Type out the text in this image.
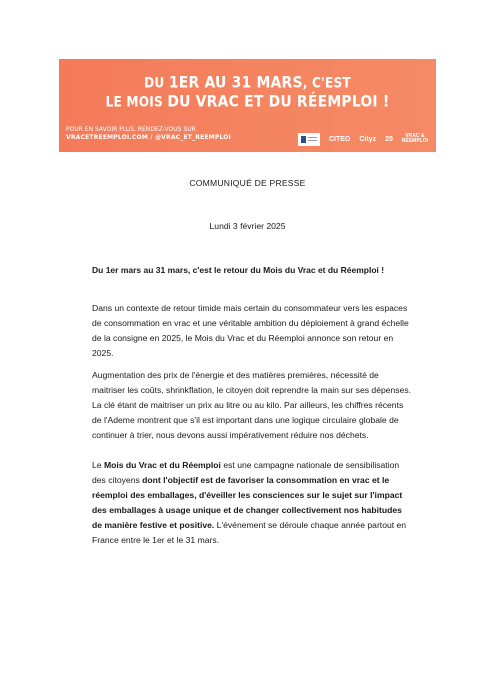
DU 1ER AU 31 MARS, C'EST
LE MOIS DU VRAC ET DU RÉEMPLOI !
POUR EN SAVOIR PLUS, RENDEZ-VOUS SUR
VRACETREEMPLOI.COM / @VRAC_ET_REEMPLOI	CITEO Cityz 20	VRAC &
RÉEMPLOI
COMMUNIQUÉ DE PRESSE
Lundi 3 février 2025
Du 1er mars au 31 mars, c'est le retour du Mois du Vrac et du Réemploi !
Dans un contexte de retour timide mais certain du consommateur vers les espaces de consommation en vrac et une véritable ambition du déploiement à grand échelle de la consigne en 2025, le Mois du Vrac et du Réemploi annonce son retour en 2025.
Augmentation des prix de l'énergie et des matières premières, nécessité de maitriser les coûts, shrinkflation, le citoyen doit reprendre la main sur ses dépenses. La clé étant de maitriser un prix au litre ou au kilo. Par ailleurs, les chiffres récents de l'Ademe montrent que s'il est important dans une logique circulaire globale de continuer à trier, nous devons aussi impérativement réduire nos déchets.
Le Mois du Vrac et du Réemploi est une campagne nationale de sensibilisation des citoyens dont l'objectif est de favoriser la consommation en vrac et le réemploi des emballages, d'éveiller les consciences sur le sujet sur l'impact des emballages à usage unique et de changer collectivement nos habitudes de manière festive et positive. L'événement se déroule chaque année partout en France entre le 1er et le 31 mars.
